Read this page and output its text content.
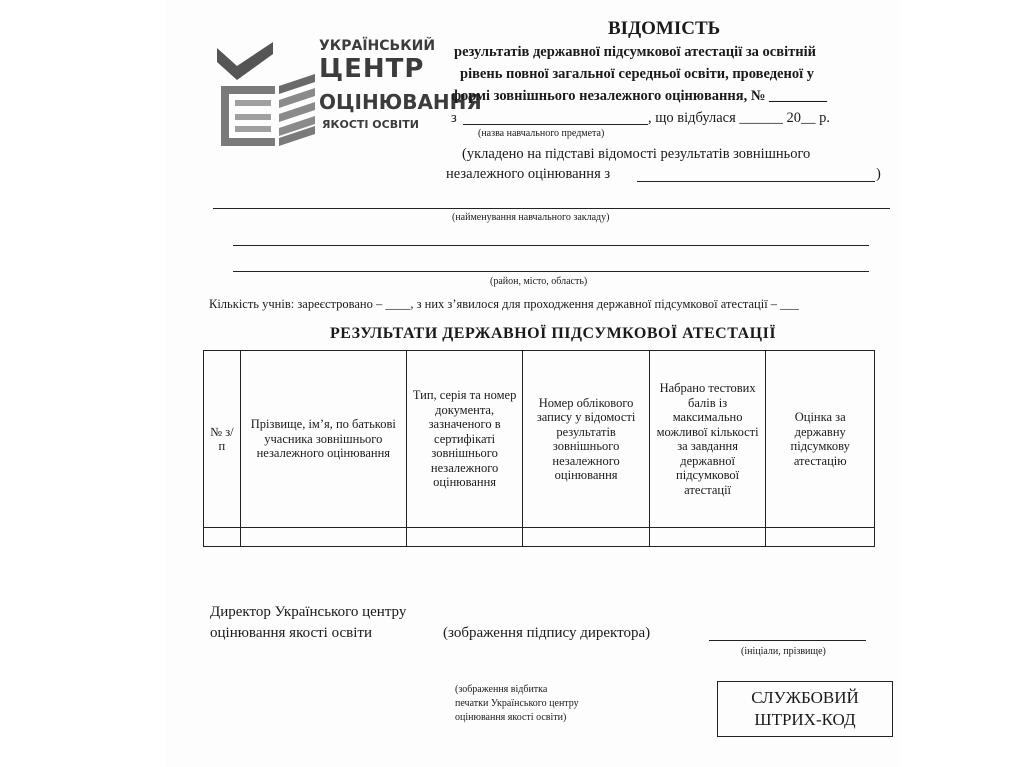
УКРАЇНСЬКИЙ
ЦЕНТР
ОЦІНЮВАННЯ
ЯКОСТІ ОСВІТИ
ВІДОМІСТЬ
результатів державної підсумкової атестації за освітній
рівень повної загальної середньої освіти, проведеної у
формі зовнішнього незалежного оцінювання, № ________
з	, що відбулася ______ 20__ р.
(назва навчального предмета)
(укладено на підставі відомості результатів зовнішнього
незалежного оцінювання з	)
(найменування навчального закладу)
(район, місто, область)
Кількість учнів: зареєстровано – ____, з них з’явилося для проходження державної підсумкової атестації – ___
РЕЗУЛЬТАТИ ДЕРЖАВНОЇ ПІДСУМКОВОЇ АТЕСТАЦІЇ
№ з/п	Прізвище, ім’я, по батькові учасника зовнішнього незалежного оцінювання	Тип, серія та номер документа, зазначеного в сертифікаті зовнішнього незалежного оцінювання	Номер облікового запису у відомості результатів зовнішнього незалежного оцінювання	Набрано тестових балів із максимально можливої кількості за завдання державної підсумкової атестації	Оцінка за державну підсумкову атестацію

Директор Українського центру
оцінювання якості освіти	(зображення підпису директора)
(ініціали, прізвище)
(зображення відбитка
печатки Українського центру
оцінювання якості освіти)
СЛУЖБОВИЙ
ШТРИХ-КОД
